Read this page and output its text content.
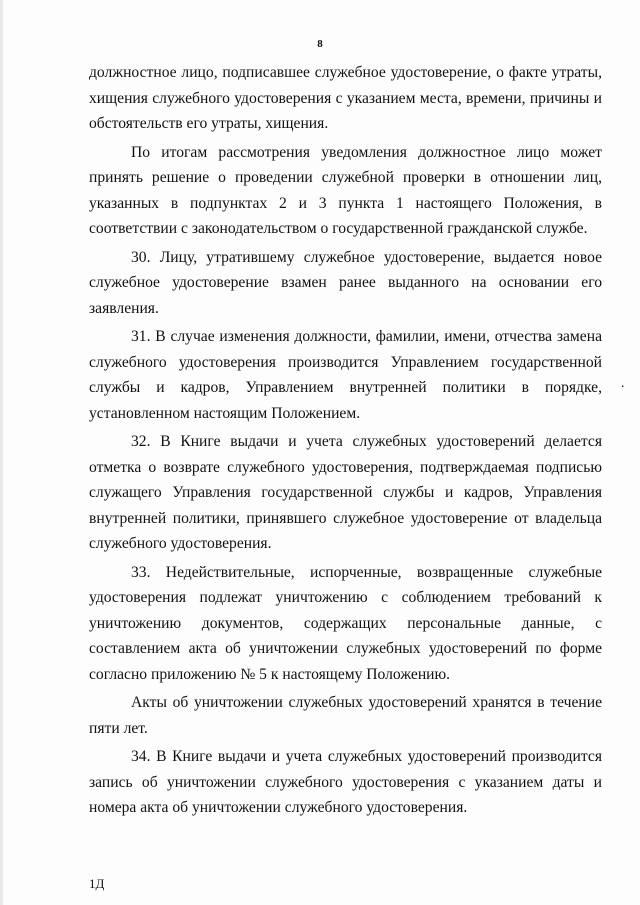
8

должностное лицо, подписавшее служебное удостоверение, о факте утраты, хищения служебного удостоверения с указанием места, времени, причины и обстоятельств его утраты, хищения.

По итогам рассмотрения уведомления должностное лицо может принять решение о проведении служебной проверки в отношении лиц, указанных в подпунктах 2 и 3 пункта 1 настоящего Положения, в соответствии с законодательством о государственной гражданской службе.

30. Лицу, утратившему служебное удостоверение, выдается новое служебное удостоверение взамен ранее выданного на основании его заявления.

31. В случае изменения должности, фамилии, имени, отчества замена служебного удостоверения производится Управлением государственной службы и кадров, Управлением внутренней политики в порядке, установленном настоящим Положением.

32. В Книге выдачи и учета служебных удостоверений делается отметка о возврате служебного удостоверения, подтверждаемая подписью служащего Управления государственной службы и кадров, Управления внутренней политики, принявшего служебное удостоверение от владельца служебного удостоверения.

33. Недействительные, испорченные, возвращенные служебные удостоверения подлежат уничтожению с соблюдением требований к уничтожению документов, содержащих персональные данные, с составлением акта об уничтожении служебных удостоверений по форме согласно приложению № 5 к настоящему Положению.

Акты об уничтожении служебных удостоверений хранятся в течение пяти лет.

34. В Книге выдачи и учета служебных удостоверений производится запись об уничтожении служебного удостоверения с указанием даты и номера акта об уничтожении служебного удостоверения.

.
1Д
